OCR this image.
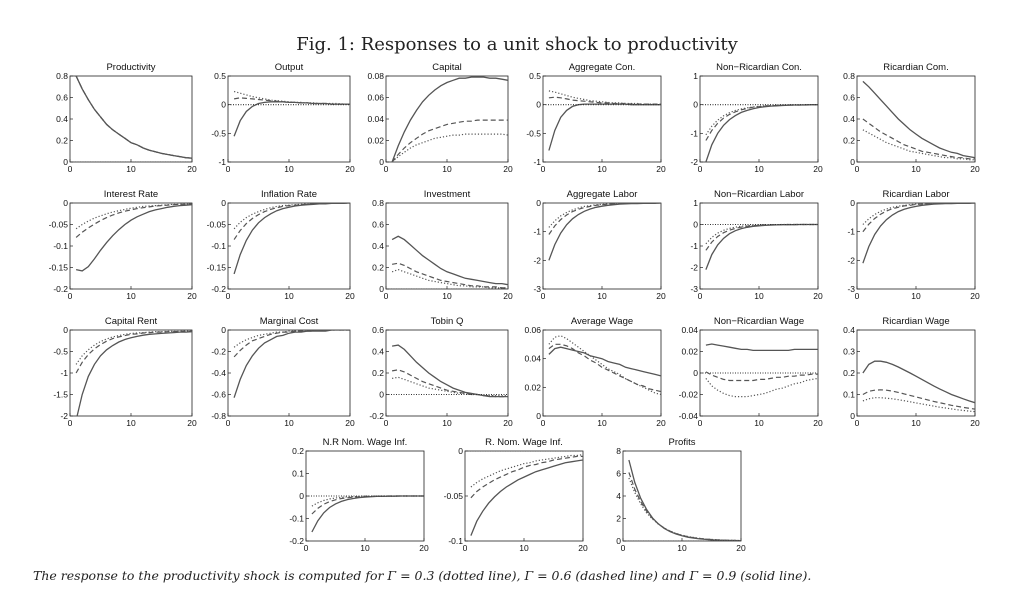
Fig. 1: Responses to a unit shock to productivity
Productivity
0
0.2
0.4
0.6
0.8
0	10	20
Output
-1
-0.5
0
0.5
0	10	20
Capital
0
0.02
0.04
0.06
0.08
0	10	20
Aggregate Con.
-1
-0.5
0
0.5
0	10	20
Non−Ricardian Con.
-2
-1
0
1
0	10	20
Ricardian Com.
0
0.2
0.4
0.6
0.8
0	10	20
Interest Rate
-0.2
-0.15
-0.1
-0.05
0
0	10	20
Inflation Rate
-0.2
-0.15
-0.1
-0.05
0
0	10	20
Investment
0
0.2
0.4
0.6
0.8
0	10	20
Aggregate Labor
-3
-2
-1
0
0	10	20
Non−Ricardian Labor
-3
-2
-1
0
1
0	10	20
Ricardian Labor
-3
-2
-1
0
0	10	20
Capital Rent
-2
-1.5
-1
-0.5
0
0	10	20
Marginal Cost
-0.8
-0.6
-0.4
-0.2
0
0	10	20
Tobin Q
-0.2
0
0.2
0.4
0.6
0	10	20
Average Wage
0
0.02
0.04
0.06
0	10	20
Non−Ricardian Wage
-0.04
-0.02
0
0.02
0.04
0	10	20
Ricardian Wage
0
0.1
0.2
0.3
0.4
0	10	20
N.R Nom. Wage Inf.
-0.2
-0.1
0
0.1
0.2
0	10	20
R. Nom. Wage Inf.
-0.1
-0.05
0
0	10	20
Profits
0
2
4
6
8
0	10	20
The response to the productivity shock is computed for Γ = 0.3 (dotted line), Γ = 0.6 (dashed line) and Γ = 0.9 (solid line).
